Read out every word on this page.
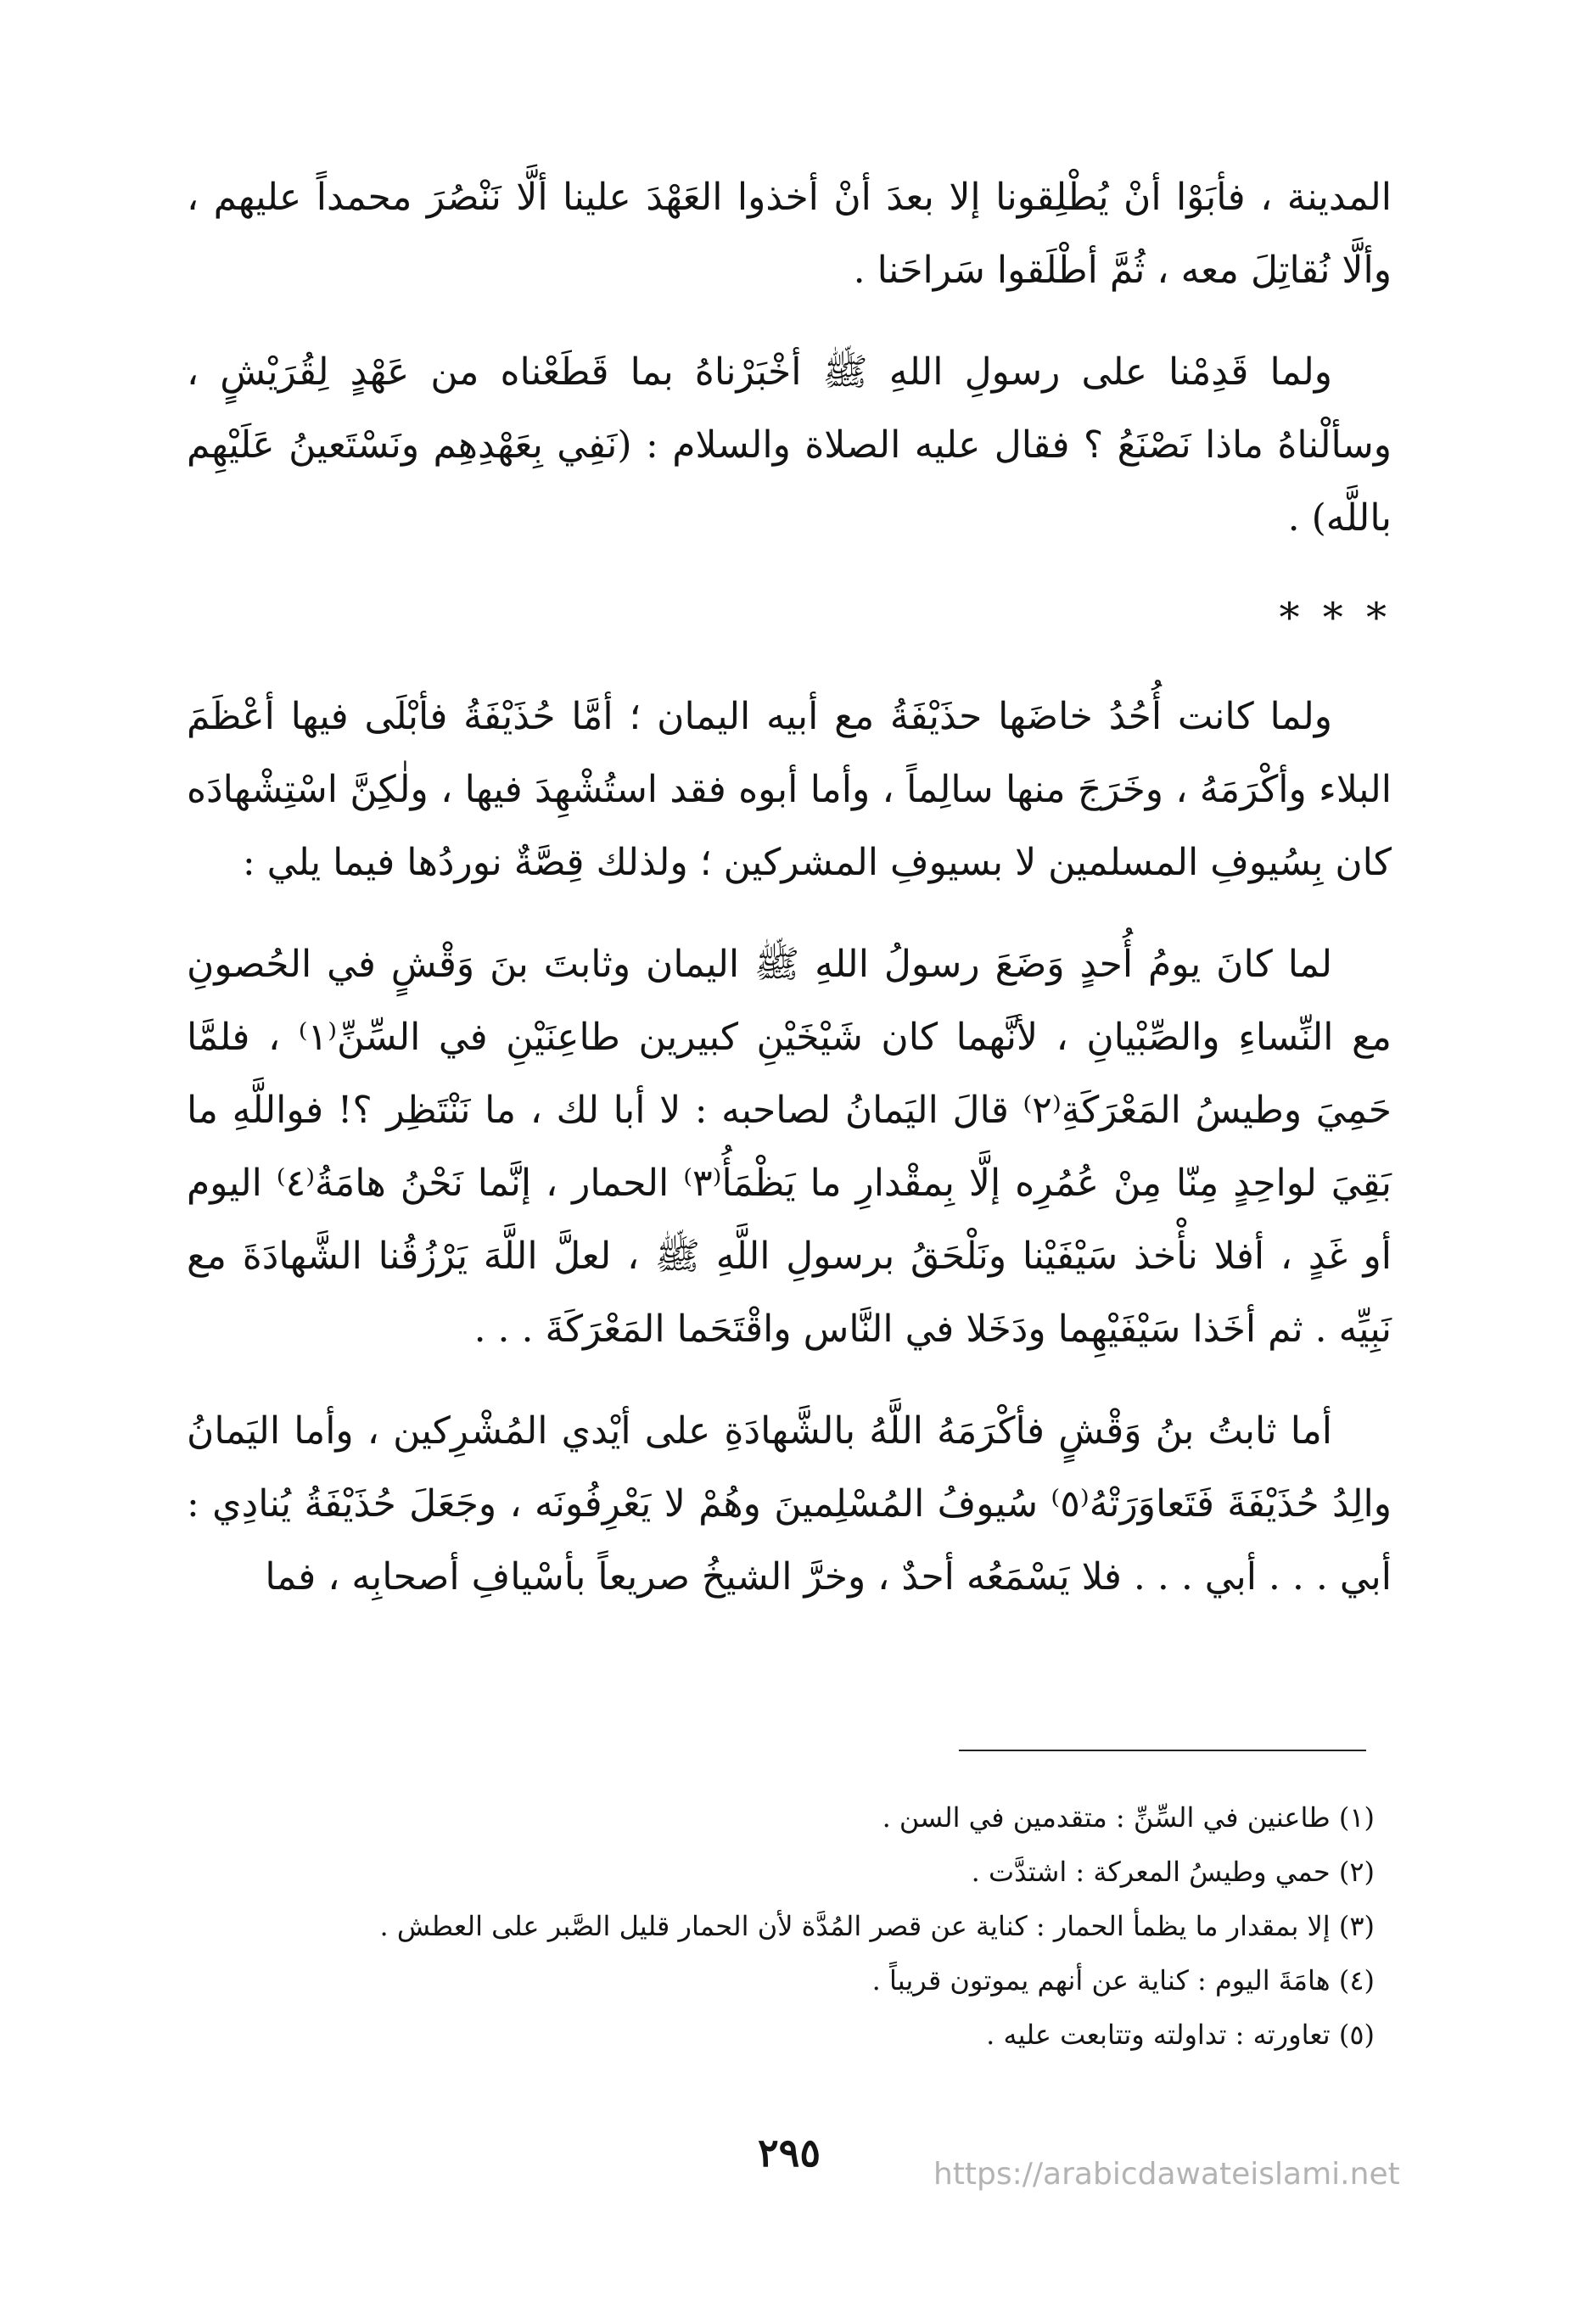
المدينة ، فأبَوْا أنْ يُطْلِقونا إلا بعدَ أنْ أخذوا العَهْدَ علينا ألَّا نَنْصُرَ محمداً عليهم ، وألَّا نُقاتِلَ معه ، ثُمَّ أطْلَقوا سَراحَنا .

ولما قَدِمْنا على رسولِ اللهِ ﷺ أخْبَرْناهُ بما قَطَعْناه من عَهْدٍ لِقُرَيْشٍ ، وسألْناهُ ماذا نَصْنَعُ ؟ فقال عليه الصلاة والسلام : (نَفِي بِعَهْدِهِم ونَسْتَعينُ عَلَيْهِم باللَّه) .

* * *

ولما كانت أُحُدُ خاضَها حذَيْفَةُ مع أبيه اليمان ؛ أمَّا حُذَيْفَةُ فأبْلَى فيها أعْظَمَ البلاء وأكْرَمَهُ ، وخَرَجَ منها سالِماً ، وأما أبوه فقد استُشْهِدَ فيها ، ولٰكِنَّ اسْتِشْهادَه كان بِسُيوفِ المسلمين لا بسيوفِ المشركين ؛ ولذلك قِصَّةٌ نوردُها فيما يلي :

لما كانَ يومُ أُحدٍ وَضَعَ رسولُ اللهِ ﷺ اليمان وثابتَ بنَ وَقْشٍ في الحُصونِ مع النِّساءِ والصِّبْيانِ ، لأنَّهما كان شَيْخَيْنِ كبيرين طاعِنَيْنِ في السِّنِّ⁽١⁾ ، فلمَّا حَمِيَ وطيسُ المَعْرَكَةِ⁽٢⁾ قالَ اليَمانُ لصاحبه : لا أبا لك ، ما نَنْتَظِر ؟! فواللَّهِ ما بَقِيَ لواحِدٍ مِنّا مِنْ عُمُرِه إلَّا بِمقْدارِ ما يَظْمَأُ⁽٣⁾ الحمار ، إنَّما نَحْنُ هامَةُ⁽٤⁾ اليوم أو غَدٍ ، أفلا نأْخذ سَيْفَيْنا ونَلْحَقُ برسولِ اللَّهِ ﷺ ، لعلَّ اللَّهَ يَرْزُقُنا الشَّهادَةَ مع نَبِيِّه . ثم أخَذا سَيْفَيْهِما ودَخَلا في النَّاس واقْتَحَما المَعْرَكَةَ . . .

أما ثابتُ بنُ وَقْشٍ فأكْرَمَهُ اللَّهُ بالشَّهادَةِ على أيْدي المُشْرِكين ، وأما اليَمانُ والِدُ حُذَيْفَةَ فَتَعاوَرَتْهُ⁽٥⁾ سُيوفُ المُسْلِمينَ وهُمْ لا يَعْرِفُونَه ، وجَعَلَ حُذَيْفَةُ يُنادِي : أبي . . . أبي . . . فلا يَسْمَعُه أحدٌ ، وخرَّ الشيخُ صريعاً بأسْيافِ أصحابِه ، فما

(١) طاعنين في السِّنِّ : متقدمين في السن .

(٢) حمي وطيسُ المعركة : اشتدَّت .

(٣) إلا بمقدار ما يظمأ الحمار : كناية عن قصر المُدَّة لأن الحمار قليل الصَّبر على العطش .

(٤) هامَةَ اليوم : كناية عن أنهم يموتون قريباً .

(٥) تعاورته : تداولته وتتابعت عليه .

٢٩٥	https://arabicdawateislami.net
